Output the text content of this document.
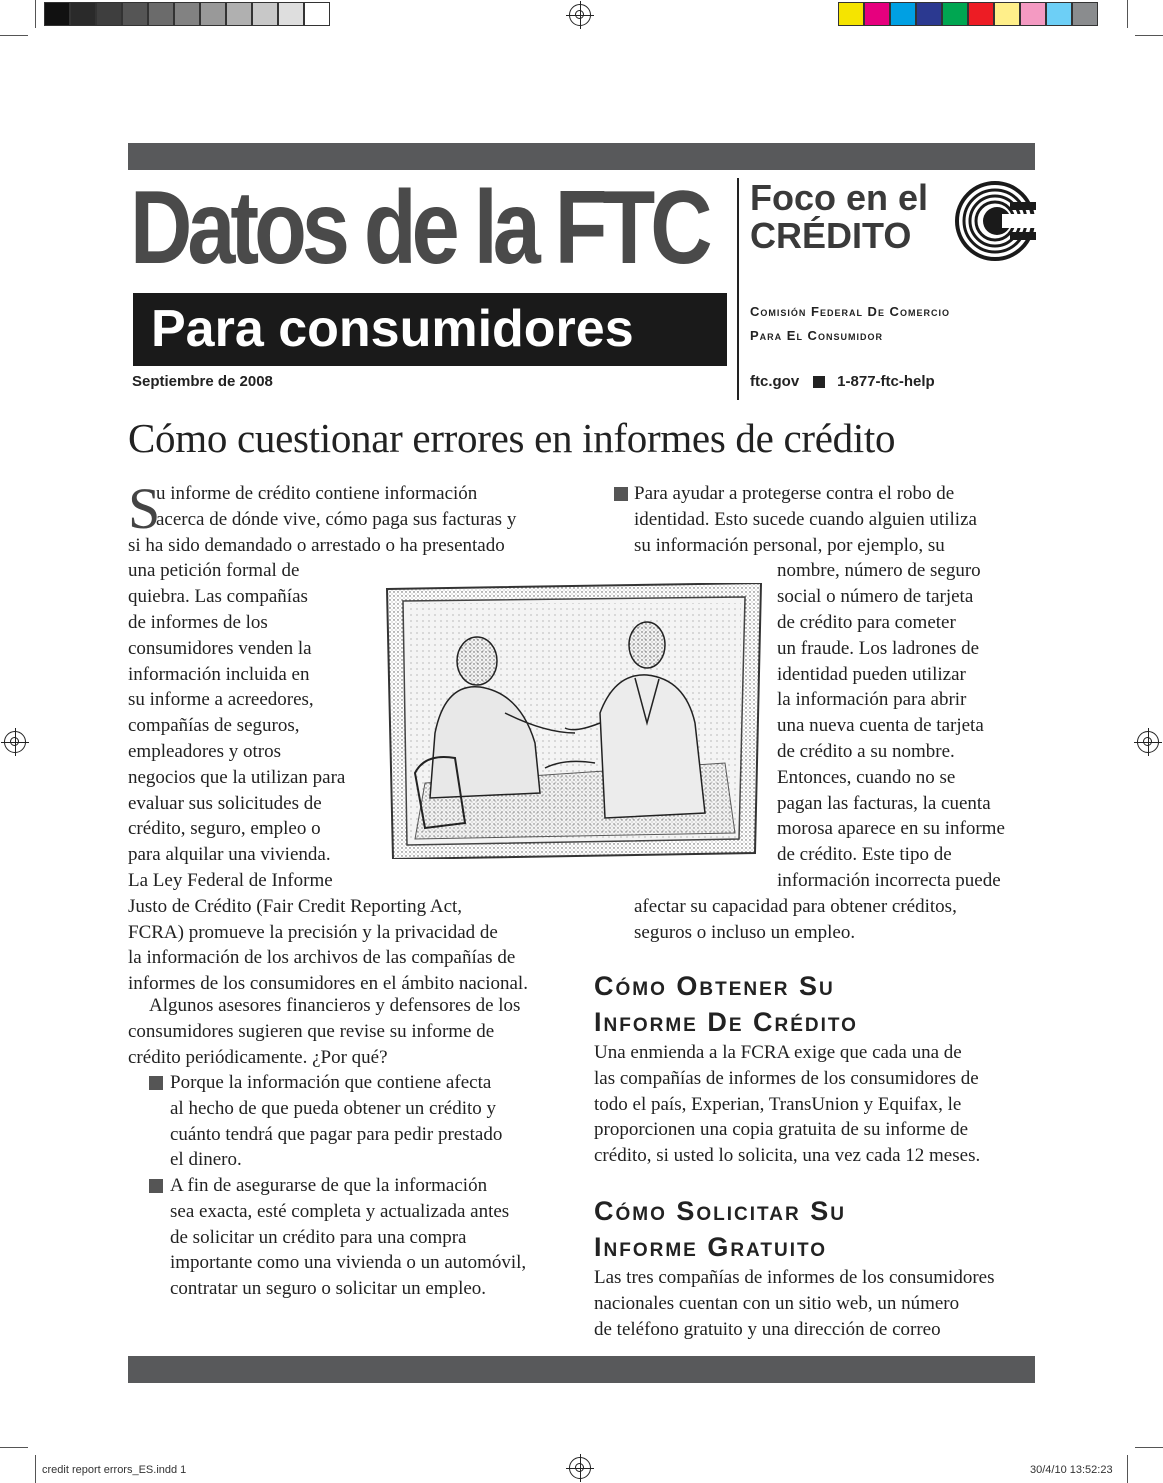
Datos de la FTC
Para consumidores
Septiembre de 2008
Foco en el
CRÉDITO
Comisión Federal De Comercio
Para El Consumidor
ftc.gov	1-877-ftc-help
Cómo cuestionar errores en informes de crédito
S
u informe de crédito contiene información
acerca de dónde vive, cómo paga sus facturas y
si ha sido demandado o arrestado o ha presentado
una petición formal de
quiebra. Las compañías
de informes de los
consumidores venden la
información incluida en
su informe a acreedores,
compañías de seguros,
empleadores y otros
negocios que la utilizan para
evaluar sus solicitudes de
crédito, seguro, empleo o
para alquilar una vivienda.
La Ley Federal de Informe
Justo de Crédito (Fair Credit Reporting Act,
FCRA) promueve la precisión y la privacidad de
la información de los archivos de las compañías de
informes de los consumidores en el ámbito nacional.
Algunos asesores financieros y defensores de los
consumidores sugieren que revise su informe de
crédito periódicamente. ¿Por qué?
Porque la información que contiene afecta
al hecho de que pueda obtener un crédito y
cuánto tendrá que pagar para pedir prestado
el dinero.
A fin de asegurarse de que la información
sea exacta, esté completa y actualizada antes
de solicitar un crédito para una compra
importante como una vivienda o un automóvil,
contratar un seguro o solicitar un empleo.
Para ayudar a protegerse contra el robo de
identidad. Esto sucede cuando alguien utiliza
su información personal, por ejemplo, su
nombre, número de seguro
social o número de tarjeta
de crédito para cometer
un fraude. Los ladrones de
identidad pueden utilizar
la información para abrir
una nueva cuenta de tarjeta
de crédito a su nombre.
Entonces, cuando no se
pagan las facturas, la cuenta
morosa aparece en su informe
de crédito. Este tipo de
información incorrecta puede
afectar su capacidad para obtener créditos,
seguros o incluso un empleo.
Cómo Obtener Su
Informe De Crédito
Una enmienda a la FCRA exige que cada una de
las compañías de informes de los consumidores de
todo el país, Experian, TransUnion y Equifax, le
proporcionen una copia gratuita de su informe de
crédito, si usted lo solicita, una vez cada 12 meses.
Cómo Solicitar Su
Informe Gratuito
Las tres compañías de informes de los consumidores
nacionales cuentan con un sitio web, un número
de teléfono gratuito y una dirección de correo
credit report errors_ES.indd 1	30/4/10 13:52:23
